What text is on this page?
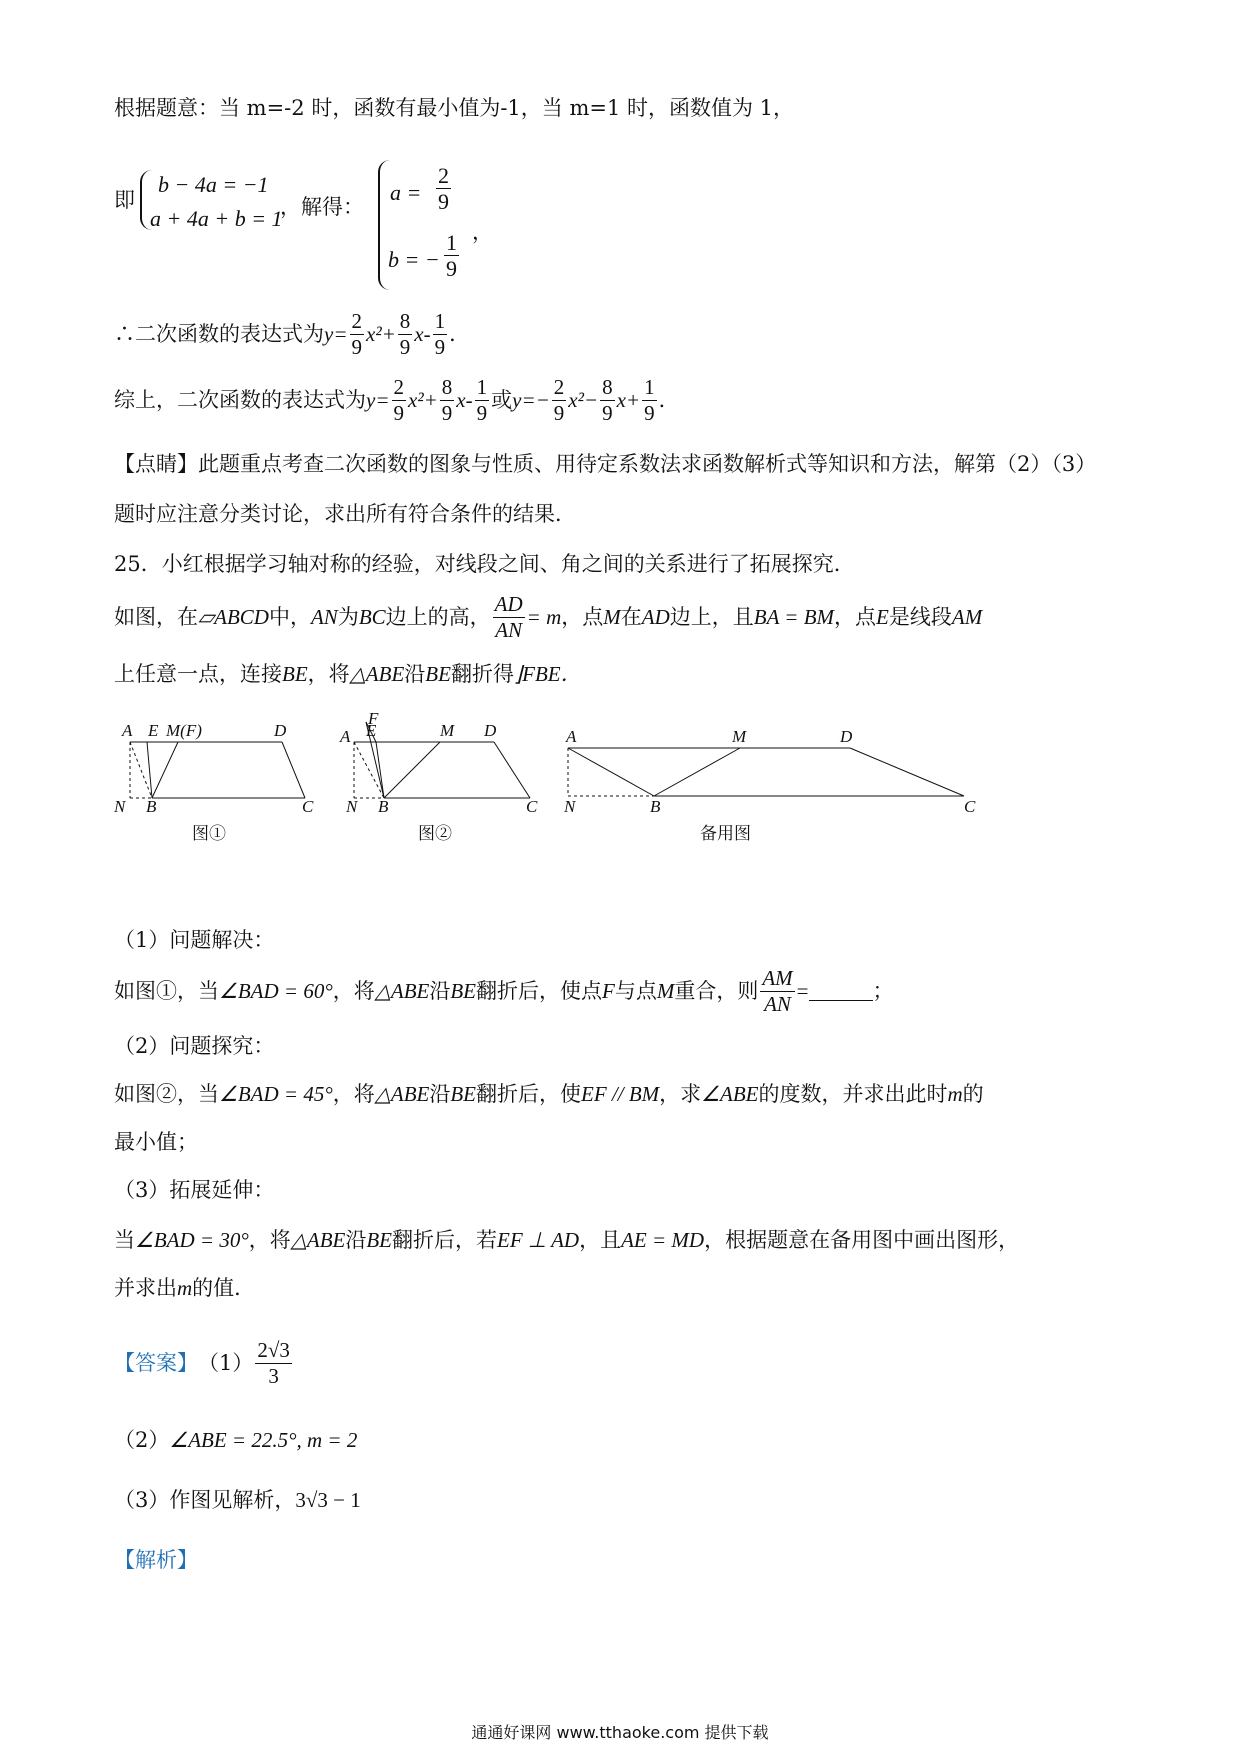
根据题意：当 m=-2 时，函数有最小值为-1，当 m=1 时，函数值为 1，
即
b − 4a = −1
a + 4a + b = 1
，解得：
$a = \frac{2}{9}$
b = − $\frac{1}{9}$ ，
∴二次函数的表达式为 $y= \frac{2}{9} x^2+ \frac{8}{9} x- \frac{1}{9}$ ．
综上，二次函数的表达式为 $y= \frac{2}{9} x^2+ \frac{8}{9} x- \frac{1}{9}$ 或 $y=- \frac{2}{9} x^2- \frac{8}{9} x+ \frac{1}{9}$ ．
【点睛】此题重点考查二次函数的图象与性质、用待定系数法求函数解析式等知识和方法，解第（2）（3）
题时应注意分类讨论，求出所有符合条件的结果．
25．小红根据学习轴对称的经验，对线段之间、角之间的关系进行了拓展探究．
如图，在 ▱ABCD 中， AN 为 BC 边上的高， $\frac{AD}{AN} = m$ ，点 M 在 AD 边上，且 BA = BM ，点 E 是线段 AM
上任意一点，连接BE，将△ABE沿BE翻折得⌋FBE．
A E M(F)	D
N B	C
图①
A E
F
M D
N B	C
图②
A	M	D
N	B	C
备用图
（1）问题解决：
如图①，当 ∠BAD = 60° ，将 △ABE 沿 BE 翻折后，使点 F 与点 M 重合，则 $\frac{AM}{AN}$ =	；
（2）问题探究：
如图②，当∠BAD = 45°，将△ABE沿BE翻折后，使EF // BM，求∠ABE的度数，并求出此时m的
最小值；
（3）拓展延伸：
当∠BAD = 30°，将△ABE沿BE翻折后，若EF ⊥ AD，且AE = MD，根据题意在备用图中画出图形，
并求出m的值．
【答案】 $(1) \frac{2√3}{3}$
（2）∠ABE = 22.5°, m = 2
（3）作图见解析，3√3 − 1
【解析】
通通好课网 www.tthaoke.com 提供下载
